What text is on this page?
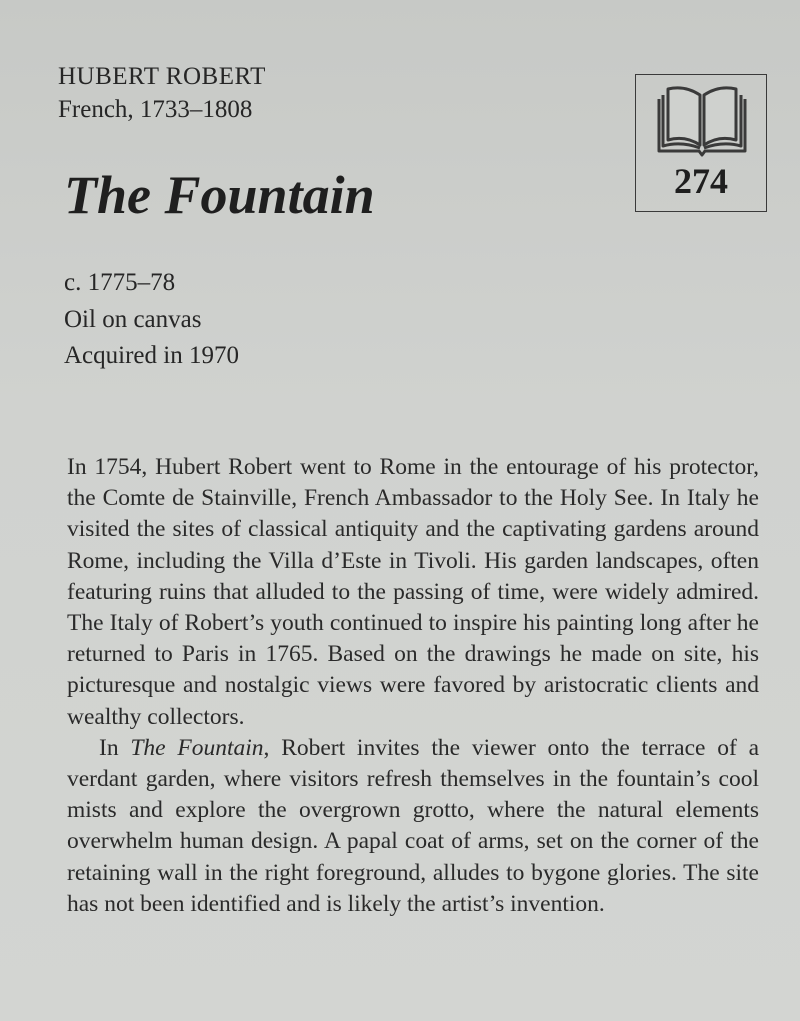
HUBERT ROBERT
French, 1733–1808
The Fountain
c. 1775–78
Oil on canvas
Acquired in 1970
274

In 1754, Hubert Robert went to Rome in the entourage of his protector, the Comte de Stainville, French Ambassador to the Holy See. In Italy he visited the sites of classical antiquity and the captivating gardens around Rome, including the Villa d’Este in Tivoli. His garden landscapes, often featuring ruins that alluded to the passing of time, were widely admired. The Italy of Robert’s youth continued to inspire his painting long after he returned to Paris in 1765. Based on the drawings he made on site, his picturesque and nostalgic views were favored by aristocratic clients and wealthy collectors.

In The Fountain, Robert invites the viewer onto the terrace of a verdant garden, where visitors refresh themselves in the fountain’s cool mists and explore the overgrown grotto, where the natural elements overwhelm human design. A papal coat of arms, set on the corner of the retaining wall in the right foreground, alludes to bygone glories. The site has not been identified and is likely the artist’s invention.
